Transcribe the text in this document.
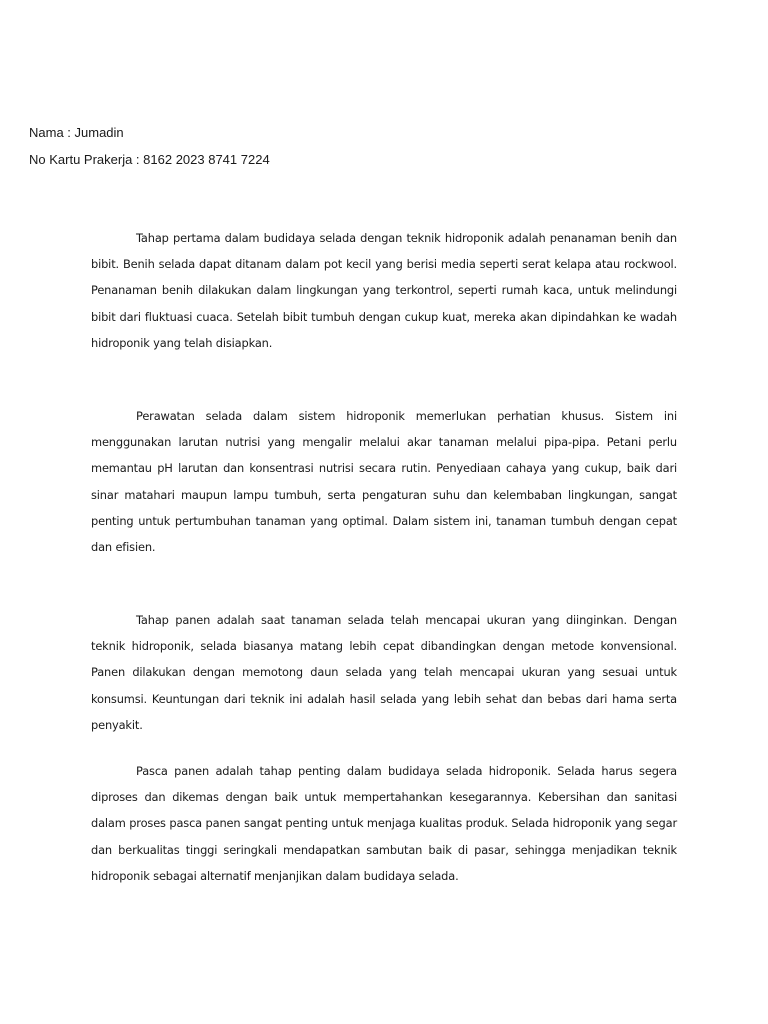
Nama : Jumadin
No Kartu Prakerja : 8162 2023 8741 7224

Tahap pertama dalam budidaya selada dengan teknik hidroponik adalah penanaman benih dan bibit. Benih selada dapat ditanam dalam pot kecil yang berisi media seperti serat kelapa atau rockwool. Penanaman benih dilakukan dalam lingkungan yang terkontrol, seperti rumah kaca, untuk melindungi bibit dari fluktuasi cuaca. Setelah bibit tumbuh dengan cukup kuat, mereka akan dipindahkan ke wadah hidroponik yang telah disiapkan.

Perawatan selada dalam sistem hidroponik memerlukan perhatian khusus. Sistem ini menggunakan larutan nutrisi yang mengalir melalui akar tanaman melalui pipa-pipa. Petani perlu memantau pH larutan dan konsentrasi nutrisi secara rutin. Penyediaan cahaya yang cukup, baik dari sinar matahari maupun lampu tumbuh, serta pengaturan suhu dan kelembaban lingkungan, sangat penting untuk pertumbuhan tanaman yang optimal. Dalam sistem ini, tanaman tumbuh dengan cepat dan efisien.

Tahap panen adalah saat tanaman selada telah mencapai ukuran yang diinginkan. Dengan teknik hidroponik, selada biasanya matang lebih cepat dibandingkan dengan metode konvensional. Panen dilakukan dengan memotong daun selada yang telah mencapai ukuran yang sesuai untuk konsumsi. Keuntungan dari teknik ini adalah hasil selada yang lebih sehat dan bebas dari hama serta penyakit.

Pasca panen adalah tahap penting dalam budidaya selada hidroponik. Selada harus segera diproses dan dikemas dengan baik untuk mempertahankan kesegarannya. Kebersihan dan sanitasi dalam proses pasca panen sangat penting untuk menjaga kualitas produk. Selada hidroponik yang segar dan berkualitas tinggi seringkali mendapatkan sambutan baik di pasar, sehingga menjadikan teknik hidroponik sebagai alternatif menjanjikan dalam budidaya selada.
